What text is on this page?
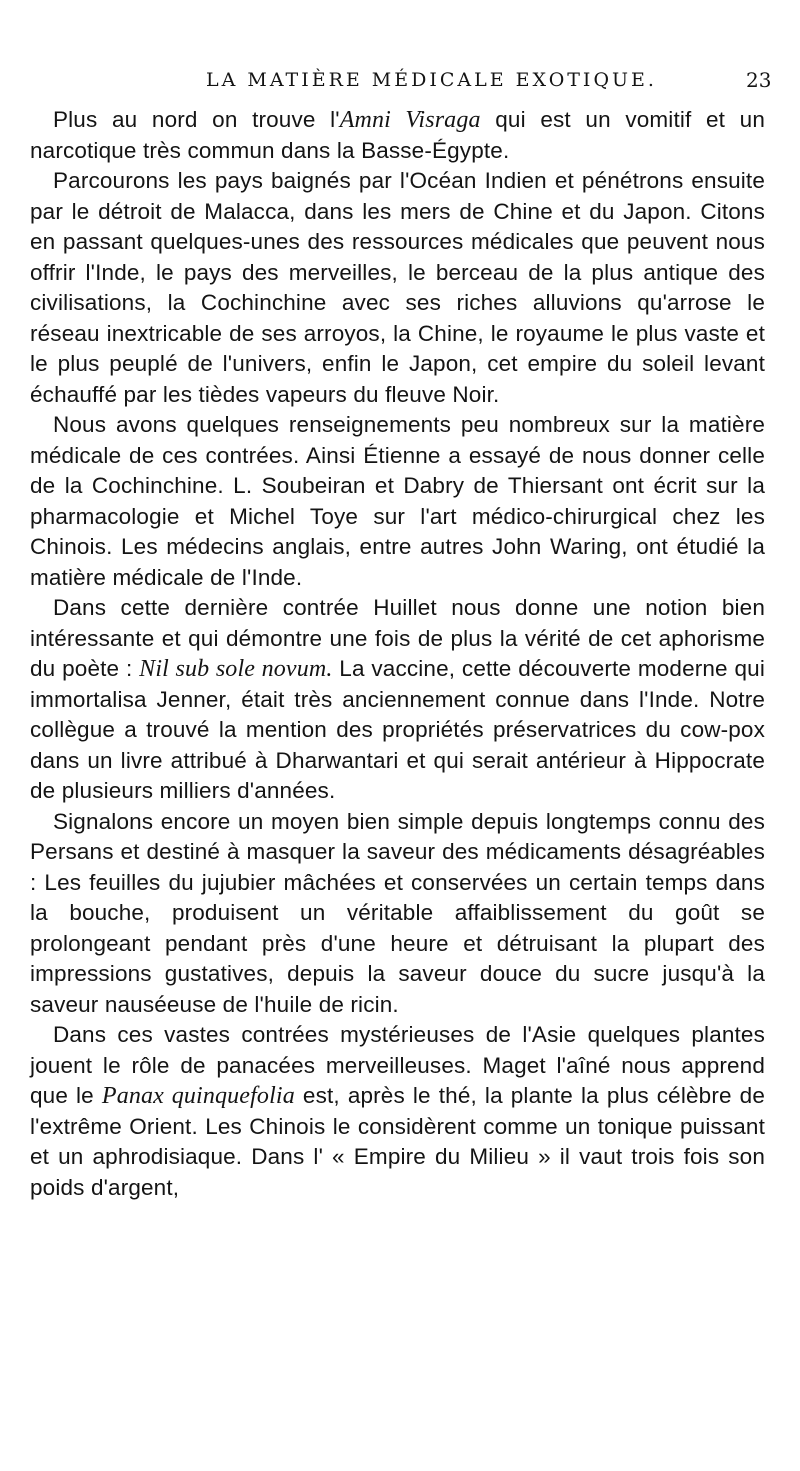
LA MATIÈRE MÉDICALE EXOTIQUE.	23

Plus au nord on trouve l'Amni Visraga qui est un vomitif et un narcotique très commun dans la Basse-Égypte.

Parcourons les pays baignés par l'Océan Indien et pénétrons ensuite par le détroit de Malacca, dans les mers de Chine et du Japon. Citons en passant quelques-unes des ressources médicales que peuvent nous offrir l'Inde, le pays des merveilles, le berceau de la plus antique des civilisations, la Cochinchine avec ses riches alluvions qu'arrose le réseau inextricable de ses arroyos, la Chine, le royaume le plus vaste et le plus peuplé de l'univers, enfin le Japon, cet empire du soleil levant échauffé par les tièdes vapeurs du fleuve Noir.

Nous avons quelques renseignements peu nombreux sur la matière médicale de ces contrées. Ainsi Étienne a essayé de nous donner celle de la Cochinchine. L. Soubeiran et Dabry de Thiersant ont écrit sur la pharmacologie et Michel Toye sur l'art médico-chirurgical chez les Chinois. Les médecins anglais, entre autres John Waring, ont étudié la matière médicale de l'Inde.

Dans cette dernière contrée Huillet nous donne une notion bien intéressante et qui démontre une fois de plus la vérité de cet aphorisme du poète : Nil sub sole novum. La vaccine, cette découverte moderne qui immortalisa Jenner, était très anciennement connue dans l'Inde. Notre collègue a trouvé la mention des propriétés préservatrices du cow-pox dans un livre attribué à Dharwantari et qui serait antérieur à Hippocrate de plusieurs milliers d'années.

Signalons encore un moyen bien simple depuis longtemps connu des Persans et destiné à masquer la saveur des médicaments désagréables : Les feuilles du jujubier mâchées et conservées un certain temps dans la bouche, produisent un véritable affaiblissement du goût se prolongeant pendant près d'une heure et détruisant la plupart des impressions gustatives, depuis la saveur douce du sucre jusqu'à la saveur nauséeuse de l'huile de ricin.

Dans ces vastes contrées mystérieuses de l'Asie quelques plantes jouent le rôle de panacées merveilleuses. Maget l'aîné nous apprend que le Panax quinquefolia est, après le thé, la plante la plus célèbre de l'extrême Orient. Les Chinois le considèrent comme un tonique puissant et un aphrodisiaque. Dans l' « Empire du Milieu » il vaut trois fois son poids d'argent,
